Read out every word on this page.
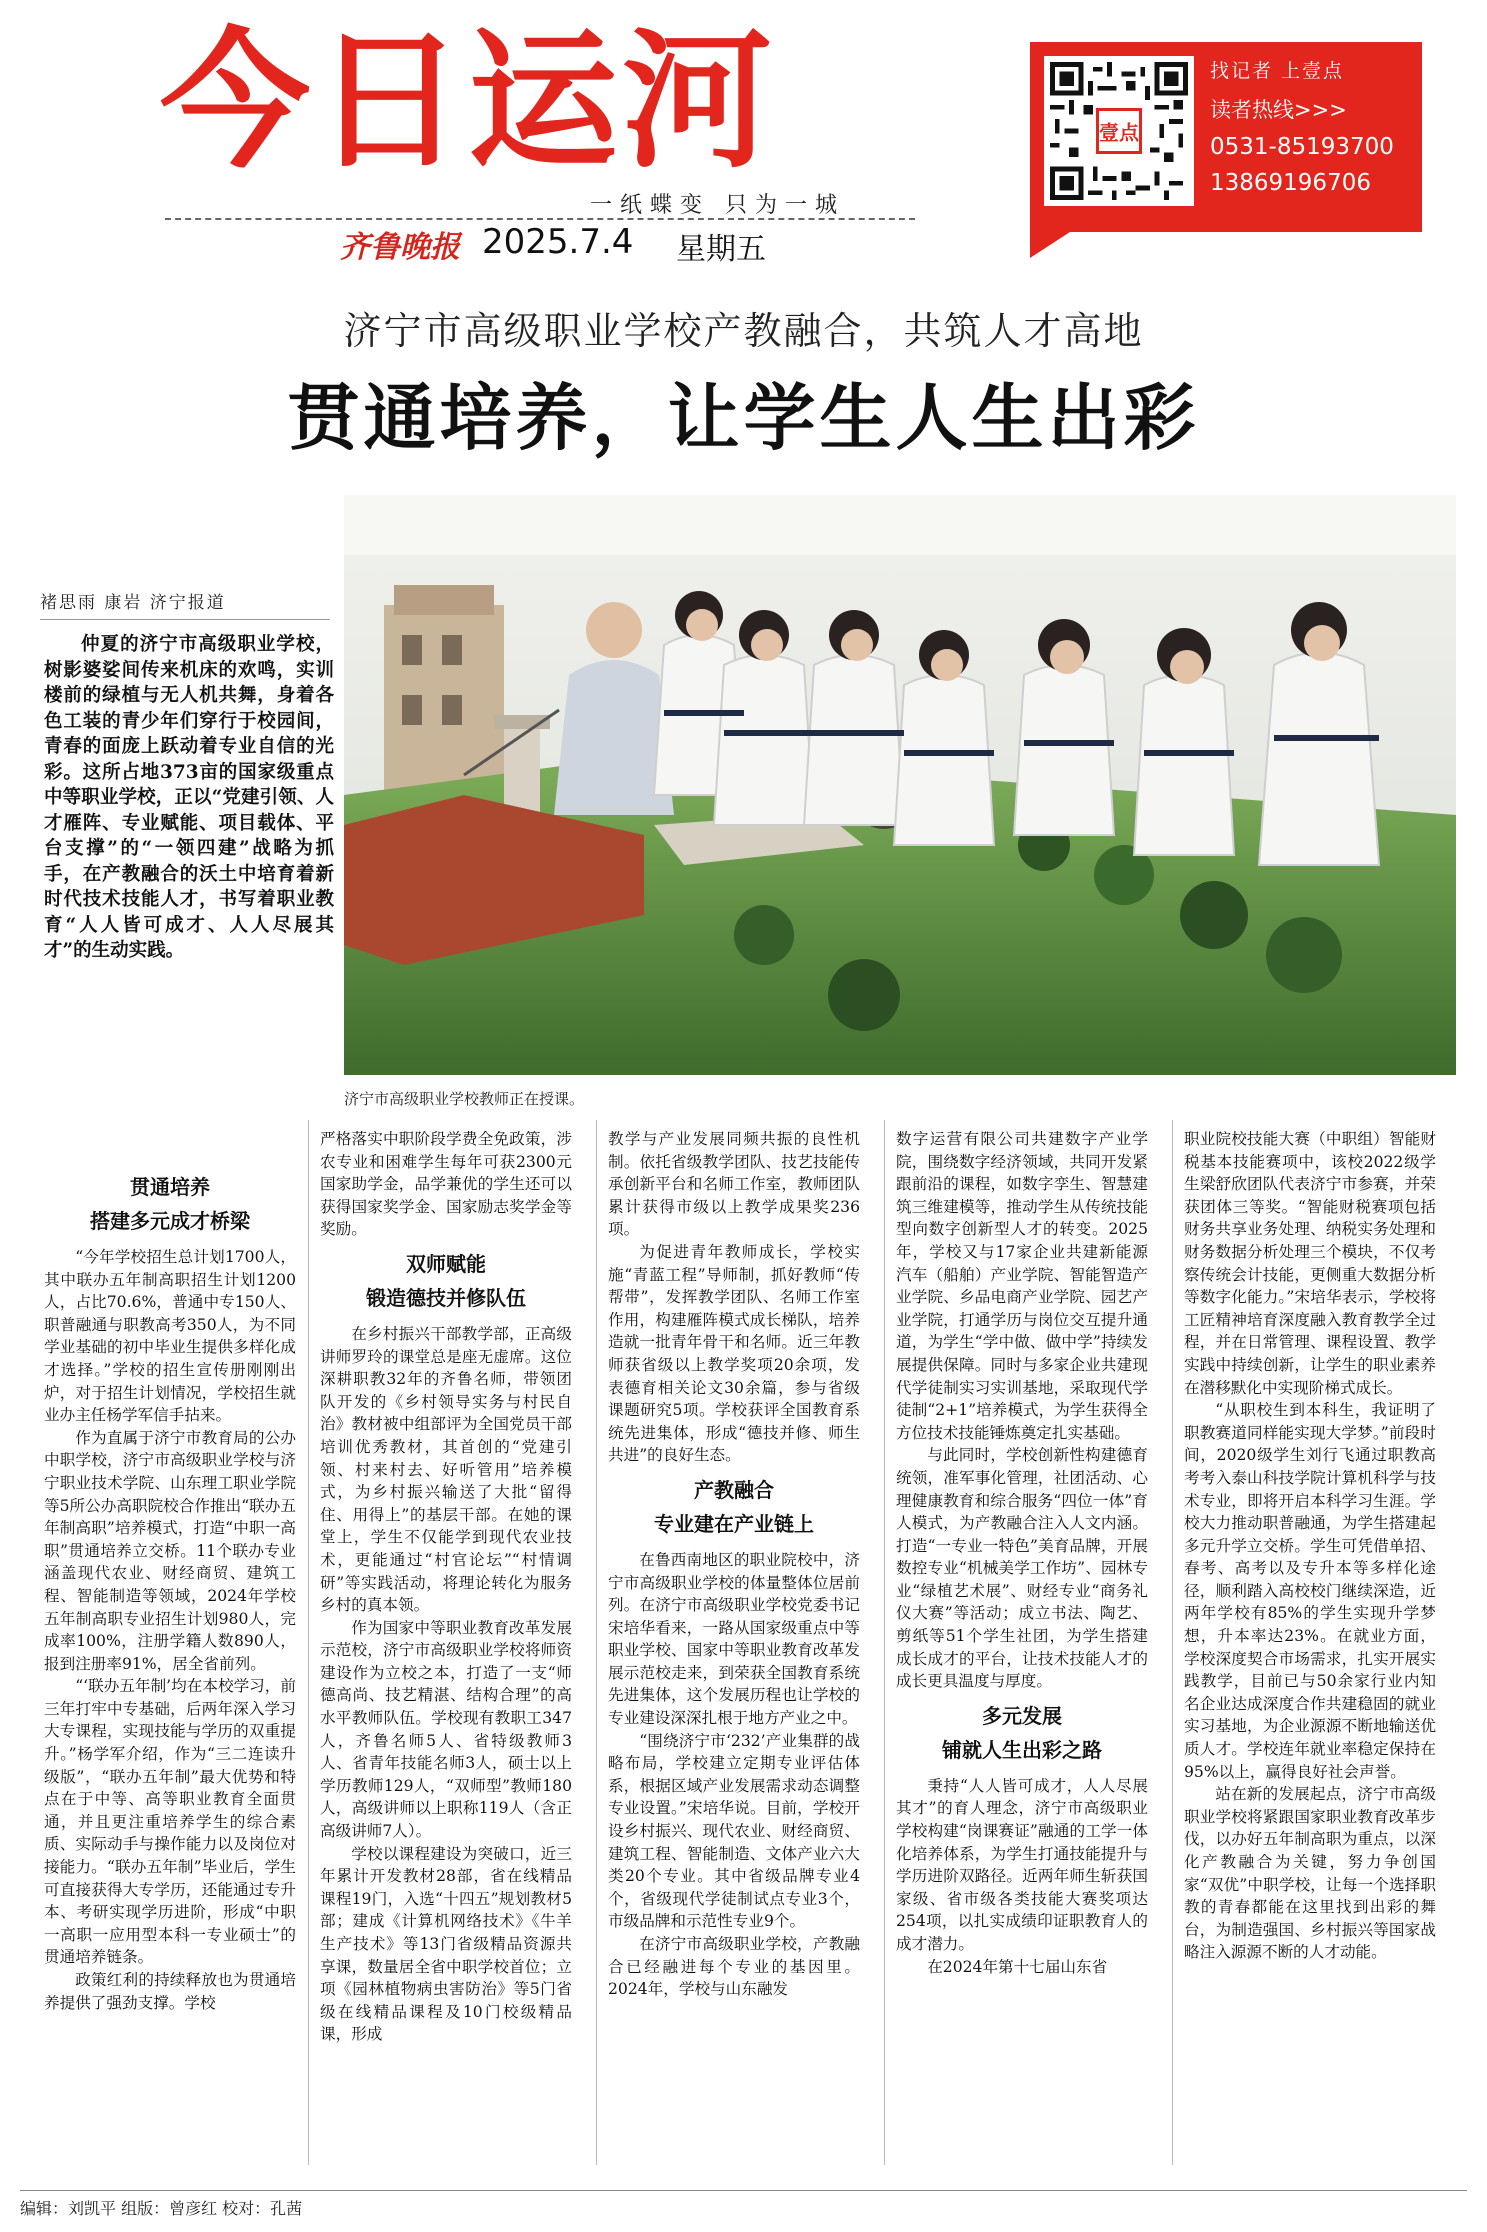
今日运河
一纸蝶变 只为一城
齐鲁晚报 2025.7.4 星期五
壹点
找记者 上壹点
读者热线>>>
0531-85193700
13869196706
济宁市高级职业学校产教融合，共筑人才高地
贯通培养，让学生人生出彩
褚思雨 康岩 济宁报道

仲夏的济宁市高级职业学校，树影婆娑间传来机床的欢鸣，实训楼前的绿植与无人机共舞，身着各色工装的青少年们穿行于校园间，青春的面庞上跃动着专业自信的光彩。这所占地373亩的国家级重点中等职业学校，正以“党建引领、人才雁阵、专业赋能、项目载体、平台支撑”的“一领四建”战略为抓手，在产教融合的沃土中培育着新时代技术技能人才，书写着职业教育“人人皆可成才、人人尽展其才”的生动实践。

济宁市高级职业学校教师正在授课。
贯通培养
搭建多元成才桥梁

“今年学校招生总计划1700人，其中联办五年制高职招生计划1200人，占比70.6%，普通中专150人、职普融通与职教高考350人，为不同学业基础的初中毕业生提供多样化成才选择。”学校的招生宣传册刚刚出炉，对于招生计划情况，学校招生就业办主任杨学军信手拈来。

作为直属于济宁市教育局的公办中职学校，济宁市高级职业学校与济宁职业技术学院、山东理工职业学院等5所公办高职院校合作推出“联办五年制高职”培养模式，打造“中职一高职”贯通培养立交桥。11个联办专业涵盖现代农业、财经商贸、建筑工程、智能制造等领域，2024年学校五年制高职专业招生计划980人，完成率100%，注册学籍人数890人，报到注册率91%，居全省前列。

“‘联办五年制’均在本校学习，前三年打牢中专基础，后两年深入学习大专课程，实现技能与学历的双重提升。”杨学军介绍，作为“三二连读升级版”，“联办五年制”最大优势和特点在于中等、高等职业教育全面贯通，并且更注重培养学生的综合素质、实际动手与操作能力以及岗位对接能力。“联办五年制”毕业后，学生可直接获得大专学历，还能通过专升本、考研实现学历进阶，形成“中职一高职一应用型本科一专业硕士”的贯通培养链条。

政策红利的持续释放也为贯通培养提供了强劲支撑。学校

严格落实中职阶段学费全免政策，涉农专业和困难学生每年可获2300元国家助学金，品学兼优的学生还可以获得国家奖学金、国家励志奖学金等奖励。

双师赋能
锻造德技并修队伍

在乡村振兴干部教学部，正高级讲师罗玲的课堂总是座无虚席。这位深耕职教32年的齐鲁名师，带领团队开发的《乡村领导实务与村民自治》教材被中组部评为全国党员干部培训优秀教材，其首创的“党建引领、村来村去、好听管用”培养模式，为乡村振兴输送了大批“留得住、用得上”的基层干部。在她的课堂上，学生不仅能学到现代农业技术，更能通过“村官论坛”“村情调研”等实践活动，将理论转化为服务乡村的真本领。

作为国家中等职业教育改革发展示范校，济宁市高级职业学校将师资建设作为立校之本，打造了一支“师德高尚、技艺精湛、结构合理”的高水平教师队伍。学校现有教职工347人，齐鲁名师5人、省特级教师3人、省青年技能名师3人，硕士以上学历教师129人，“双师型”教师180人，高级讲师以上职称119人（含正高级讲师7人）。

学校以课程建设为突破口，近三年累计开发教材28部，省在线精品课程19门，入选“十四五”规划教材5部；建成《计算机网络技术》《牛羊生产技术》等13门省级精品资源共享课，数量居全省中职学校首位；立项《园林植物病虫害防治》等5门省级在线精品课程及10门校级精品课，形成

教学与产业发展同频共振的良性机制。依托省级教学团队、技艺技能传承创新平台和名师工作室，教师团队累计获得市级以上教学成果奖236项。

为促进青年教师成长，学校实施“青蓝工程”导师制，抓好教师“传帮带”，发挥教学团队、名师工作室作用，构建雁阵模式成长梯队，培养造就一批青年骨干和名师。近三年教师获省级以上教学奖项20余项，发表德育相关论文30余篇，参与省级课题研究5项。学校获评全国教育系统先进集体，形成“德技并修、师生共进”的良好生态。

产教融合
专业建在产业链上

在鲁西南地区的职业院校中，济宁市高级职业学校的体量整体位居前列。在济宁市高级职业学校党委书记宋培华看来，一路从国家级重点中等职业学校、国家中等职业教育改革发展示范校走来，到荣获全国教育系统先进集体，这个发展历程也让学校的专业建设深深扎根于地方产业之中。

“围绕济宁市‘232’产业集群的战略布局，学校建立定期专业评估体系，根据区域产业发展需求动态调整专业设置。”宋培华说。目前，学校开设乡村振兴、现代农业、财经商贸、建筑工程、智能制造、文体产业六大类20个专业。其中省级品牌专业4个，省级现代学徒制试点专业3个，市级品牌和示范性专业9个。

在济宁市高级职业学校，产教融合已经融进每个专业的基因里。2024年，学校与山东融发

数字运营有限公司共建数字产业学院，围绕数字经济领域，共同开发紧跟前沿的课程，如数字孪生、智慧建筑三维建模等，推动学生从传统技能型向数字创新型人才的转变。2025年，学校又与17家企业共建新能源汽车（船舶）产业学院、智能智造产业学院、乡品电商产业学院、园艺产业学院，打通学历与岗位交互提升通道，为学生“学中做、做中学”持续发展提供保障。同时与多家企业共建现代学徒制实习实训基地，采取现代学徒制“2+1”培养模式，为学生获得全方位技术技能锤炼奠定扎实基础。

与此同时，学校创新性构建德育统领，准军事化管理，社团活动、心理健康教育和综合服务“四位一体”育人模式，为产教融合注入人文内涵。打造“一专业一特色”美育品牌，开展数控专业“机械美学工作坊”、园林专业“绿植艺术展”、财经专业“商务礼仪大赛”等活动；成立书法、陶艺、剪纸等51个学生社团，为学生搭建成长成才的平台，让技术技能人才的成长更具温度与厚度。

多元发展
铺就人生出彩之路

秉持“人人皆可成才，人人尽展其才”的育人理念，济宁市高级职业学校构建“岗课赛证”融通的工学一体化培养体系，为学生打通技能提升与学历进阶双路径。近两年师生斩获国家级、省市级各类技能大赛奖项达254项，以扎实成绩印证职教育人的成才潜力。

在2024年第十七届山东省

职业院校技能大赛（中职组）智能财税基本技能赛项中，该校2022级学生梁舒欣团队代表济宁市参赛，并荣获团体三等奖。“智能财税赛项包括财务共享业务处理、纳税实务处理和财务数据分析处理三个模块，不仅考察传统会计技能，更侧重大数据分析等数字化能力。”宋培华表示，学校将工匠精神培育深度融入教育教学全过程，并在日常管理、课程设置、教学实践中持续创新，让学生的职业素养在潜移默化中实现阶梯式成长。

“从职校生到本科生，我证明了职教赛道同样能实现大学梦。”前段时间，2020级学生刘行飞通过职教高考考入泰山科技学院计算机科学与技术专业，即将开启本科学习生涯。学校大力推动职普融通，为学生搭建起多元升学立交桥。学生可凭借单招、春考、高考以及专升本等多样化途径，顺利踏入高校校门继续深造，近两年学校有85%的学生实现升学梦想，升本率达23%。在就业方面，学校深度契合市场需求，扎实开展实践教学，目前已与50余家行业内知名企业达成深度合作共建稳固的就业实习基地，为企业源源不断地输送优质人才。学校连年就业率稳定保持在95%以上，赢得良好社会声誉。

站在新的发展起点，济宁市高级职业学校将紧跟国家职业教育改革步伐，以办好五年制高职为重点，以深化产教融合为关键，努力争创国家“双优”中职学校，让每一个选择职教的青春都能在这里找到出彩的舞台，为制造强国、乡村振兴等国家战略注入源源不断的人才动能。

编辑：刘凯平 组版：曾彦红 校对：孔茜
